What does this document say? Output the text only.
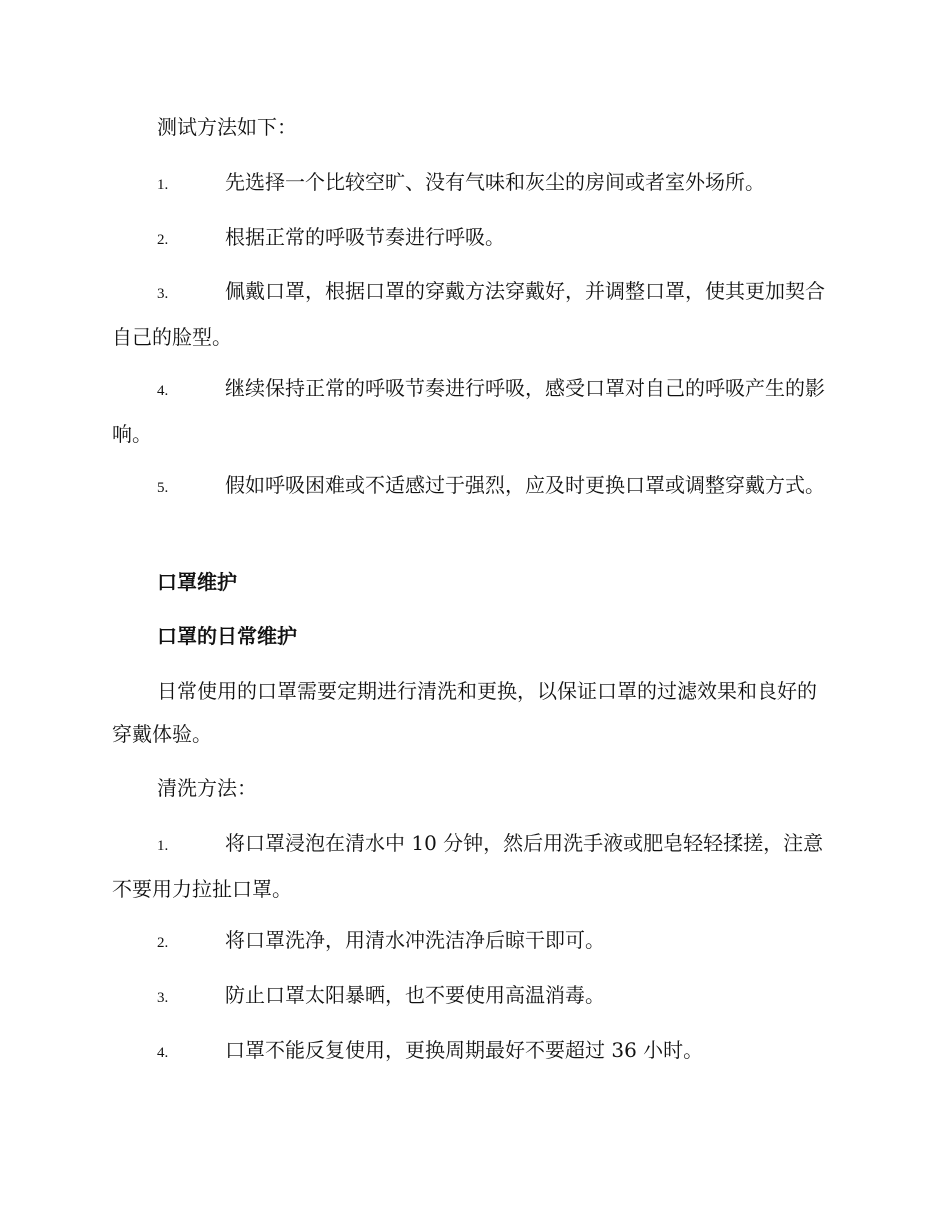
测试方法如下：

1.	先选择一个比较空旷、没有气味和灰尘的房间或者室外场所。

2.	根据正常的呼吸节奏进行呼吸。

3.	佩戴口罩，根据口罩的穿戴方法穿戴好，并调整口罩，使其更加契合自己的脸型。

4.	继续保持正常的呼吸节奏进行呼吸，感受口罩对自己的呼吸产生的影响。

5.	假如呼吸困难或不适感过于强烈，应及时更换口罩或调整穿戴方式。

口罩维护

口罩的日常维护

日常使用的口罩需要定期进行清洗和更换，以保证口罩的过滤效果和良好的穿戴体验。

清洗方法：

1.	将口罩浸泡在清水中 10 分钟，然后用洗手液或肥皂轻轻揉搓，注意不要用力拉扯口罩。

2.	将口罩洗净，用清水冲洗洁净后晾干即可。

3.	防止口罩太阳暴晒，也不要使用高温消毒。

4.	口罩不能反复使用，更换周期最好不要超过 36 小时。
